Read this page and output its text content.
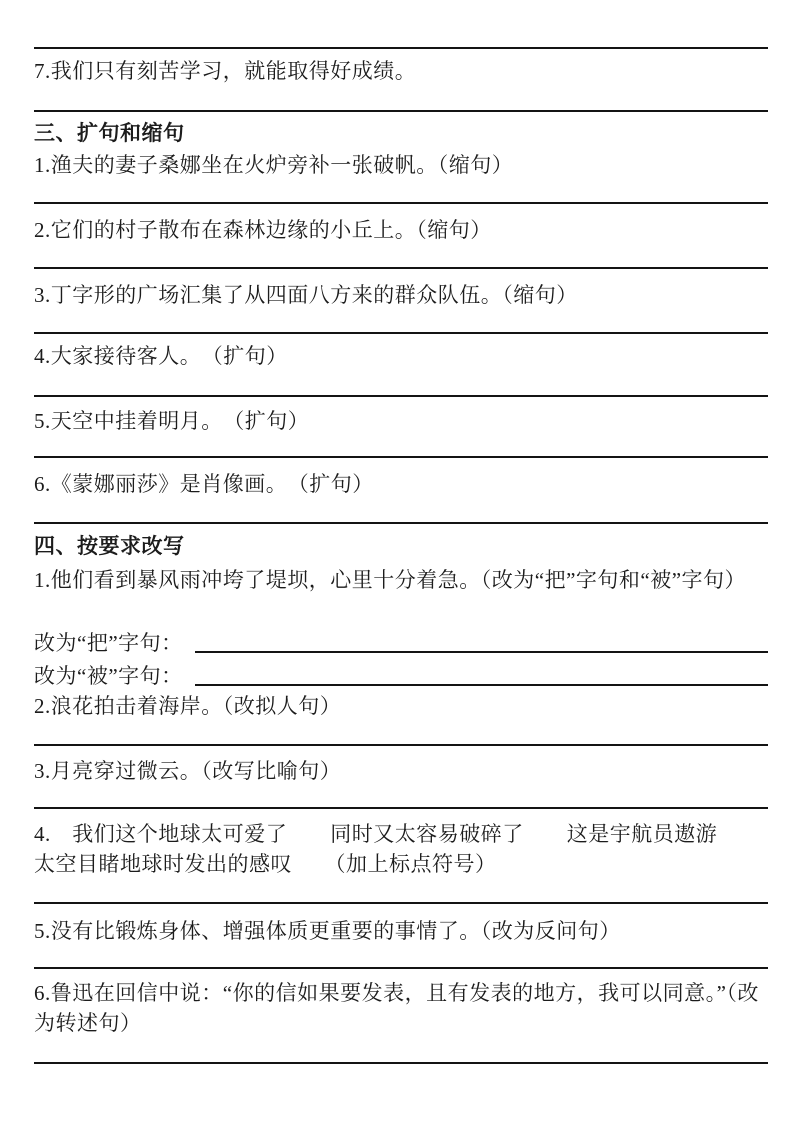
7.我们只有刻苦学习，就能取得好成绩。
三、扩句和缩句
1.渔夫的妻子桑娜坐在火炉旁补一张破帆。（缩句）
2.它们的村子散布在森林边缘的小丘上。（缩句）
3.丁字形的广场汇集了从四面八方来的群众队伍。（缩句）
4.大家接待客人。　（扩句）
5.天空中挂着明月。　（扩句）
6.《蒙娜丽莎》是肖像画。　（扩句）
四、按要求改写
1.他们看到暴风雨冲垮了堤坝，心里十分着急。（改为“把”字句和“被”字句）
改为“把”字句：
改为“被”字句：
2.浪花拍击着海岸。（改拟人句）
3.月亮穿过微云。（改写比喻句）
4.　我们这个地球太可爱了　　同时又太容易破碎了　　这是宇航员遨游太空目睹地球时发出的感叹　　（加上标点符号）
5.没有比锻炼身体、增强体质更重要的事情了。（改为反问句）
6.鲁迅在回信中说：“你的信如果要发表，且有发表的地方，我可以同意。”（改为转述句）
